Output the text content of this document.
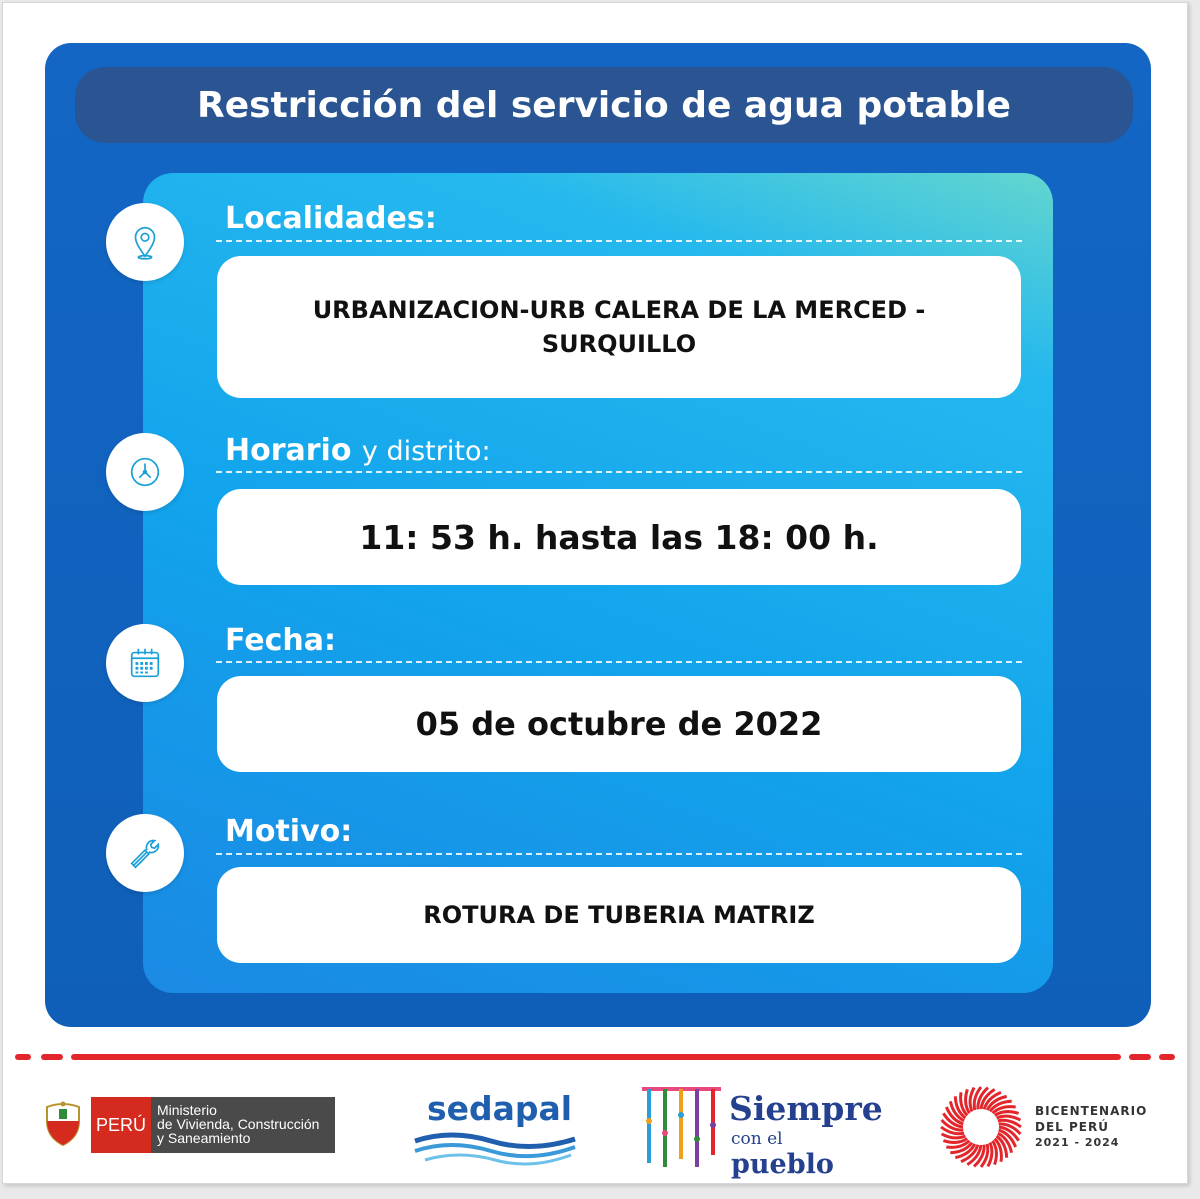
Restricción del servicio de agua potable
Localidades:
URBANIZACION-URB CALERA DE LA MERCED -
SURQUILLO
Horario y distrito:
11: 53 h. hasta las 18: 00 h.
Fecha:
05 de octubre de 2022
Motivo:
ROTURA DE TUBERIA MATRIZ
PERÚ
Ministerio
de Vivienda, Construcción
y Saneamiento
sedapal	Siempre
con el pueblo
BICENTENARIO
DEL PERÚ
2021 - 2024
